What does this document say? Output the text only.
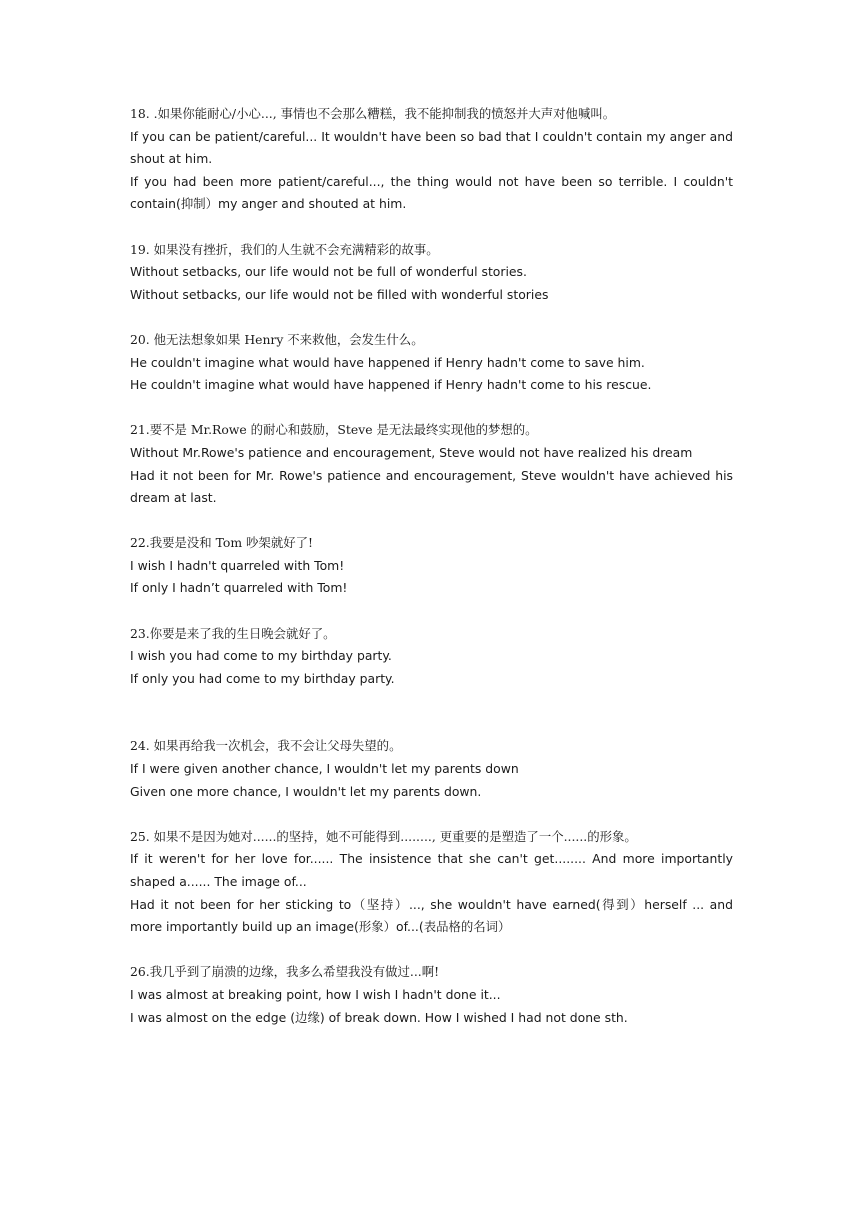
18. .如果你能耐心/小心..., 事情也不会那么糟糕，我不能抑制我的愤怒并大声对他喊叫。
If you can be patient/careful... It wouldn't have been so bad that I couldn't contain my anger and shout at him.
If you had been more patient/careful..., the thing would not have been so terrible. I couldn't contain(抑制）my anger and shouted at him.
19. 如果没有挫折，我们的人生就不会充满精彩的故事。
Without setbacks, our life would not be full of wonderful stories.
Without setbacks, our life would not be filled with wonderful stories
20. 他无法想象如果 Henry 不来救他，会发生什么。
He couldn't imagine what would have happened if Henry hadn't come to save him.
He couldn't imagine what would have happened if Henry hadn't come to his rescue.
21.要不是 Mr.Rowe 的耐心和鼓励，Steve 是无法最终实现他的梦想的。
Without Mr.Rowe's patience and encouragement, Steve would not have realized his dream
Had it not been for Mr. Rowe's patience and encouragement, Steve wouldn't have achieved his dream at last.
22.我要是没和 Tom 吵架就好了!
I wish I hadn't quarreled with Tom!
If only I hadn’t quarreled with Tom!
23.你要是来了我的生日晚会就好了。
I wish you had come to my birthday party.
If only you had come to my birthday party.
24. 如果再给我一次机会，我不会让父母失望的。
If I were given another chance, I wouldn't let my parents down
Given one more chance, I wouldn't let my parents down.
25. 如果不是因为她对......的坚持，她不可能得到........, 更重要的是塑造了一个......的形象。
If it weren't for her love for...... The insistence that she can't get........ And more importantly shaped a...... The image of...
Had it not been for her sticking to（坚持）..., she wouldn't have earned(得到）herself ... and more importantly build up an image(形象）of...(表品格的名词）
26.我几乎到了崩溃的边缘，我多么希望我没有做过...啊!
I was almost at breaking point, how I wish I hadn't done it...
I was almost on the edge (边缘) of break down. How I wished I had not done sth.
